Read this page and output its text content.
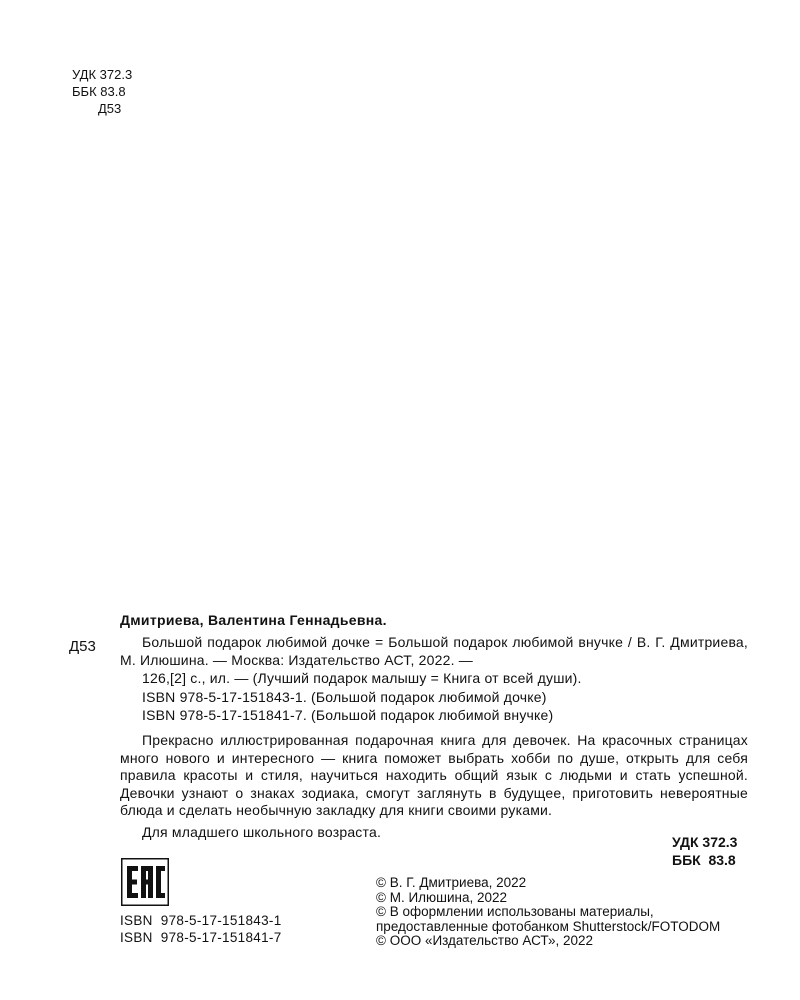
УДК 372.3
ББК 83.8
Д53
Дмитриева, Валентина Геннадьевна.
Д53	Большой подарок любимой дочке = Большой подарок любимой внучке / В. Г. Дмитриева, М. Илюшина. — Москва: Издательство АСТ, 2022. —
126,[2] с., ил. — (Лучший подарок малышу = Книга от всей души).
ISBN 978-5-17-151843-1. (Большой подарок любимой дочке)
ISBN 978-5-17-151841-7. (Большой подарок любимой внучке)

Прекрасно иллюстрированная подарочная книга для девочек. На красочных страницах много нового и интересного — книга поможет выбрать хобби по душе, открыть для себя правила красоты и стиля, научиться находить общий язык с людьми и стать успешной. Девочки узнают о знаках зодиака, смогут заглянуть в будущее, приготовить невероятные блюда и сделать необычную закладку для книги своими руками.

Для младшего школьного возраста.
УДК 372.3
ББК  83.8
ISBN  978-5-17-151843-1
ISBN  978-5-17-151841-7
© В. Г. Дмитриева, 2022
© М. Илюшина, 2022
© В оформлении использованы материалы,
предоставленные фотобанком Shutterstock/FOTODOM
© ООО «Издательство АСТ», 2022
